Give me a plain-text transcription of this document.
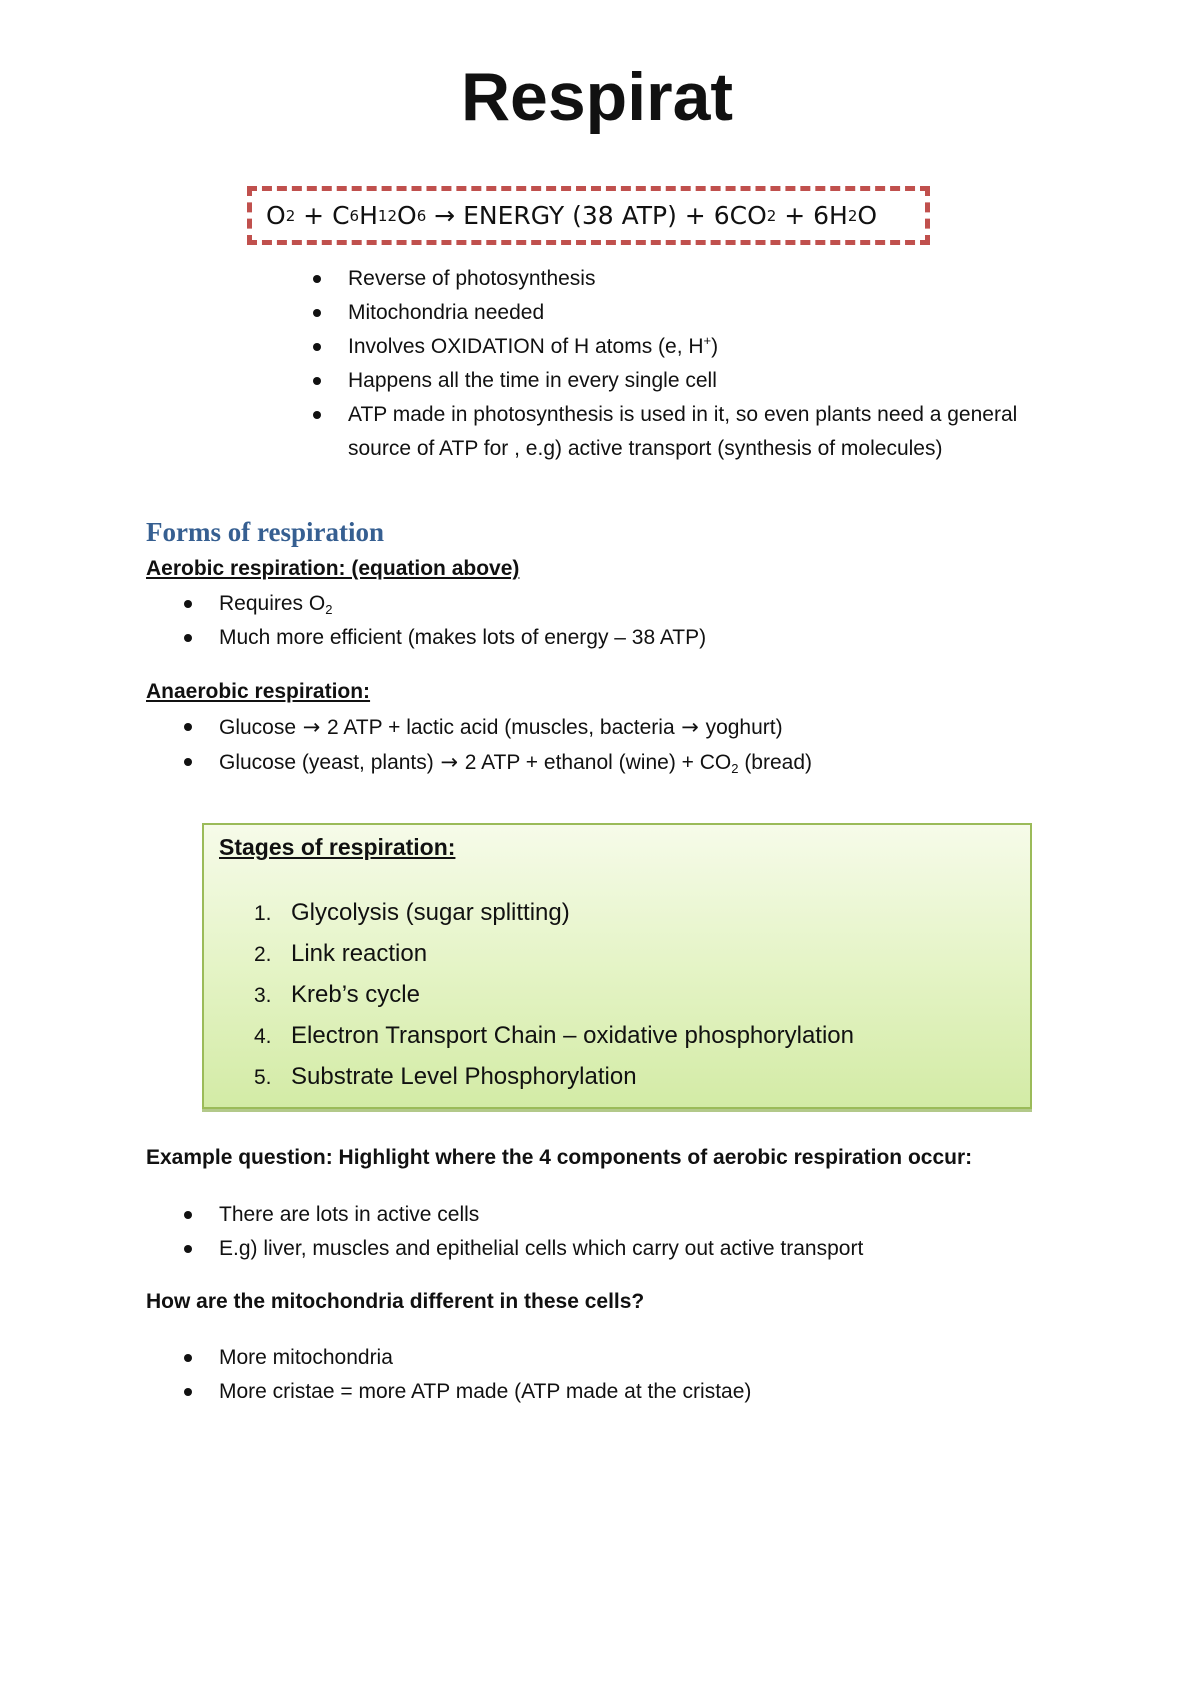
Respirat
O 2 + C 6 H 12 O 6 → ENERGY (38 ATP) + 6CO 2 + 6H 2 O
Reverse of photosynthesis
Mitochondria needed
Involves OXIDATION of H atoms (e, H+)
Happens all the time in every single cell
ATP made in photosynthesis is used in it, so even plants need a general source of ATP for , e.g) active transport (synthesis of molecules)
Forms of respiration
Aerobic respiration: (equation above)
Requires O2
Much more efficient (makes lots of energy – 38 ATP)
Anaerobic respiration:
Glucose → 2 ATP + lactic acid (muscles, bacteria → yoghurt)
Glucose (yeast, plants) → 2 ATP + ethanol (wine) + CO2 (bread)
Stages of respiration:
1. Glycolysis (sugar splitting)
2. Link reaction
3. Kreb’s cycle
4. Electron Transport Chain – oxidative phosphorylation
5. Substrate Level Phosphorylation
Example question: Highlight where the 4 components of aerobic respiration occur:
There are lots in active cells
E.g) liver, muscles and epithelial cells which carry out active transport
How are the mitochondria different in these cells?
More mitochondria
More cristae = more ATP made (ATP made at the cristae)
